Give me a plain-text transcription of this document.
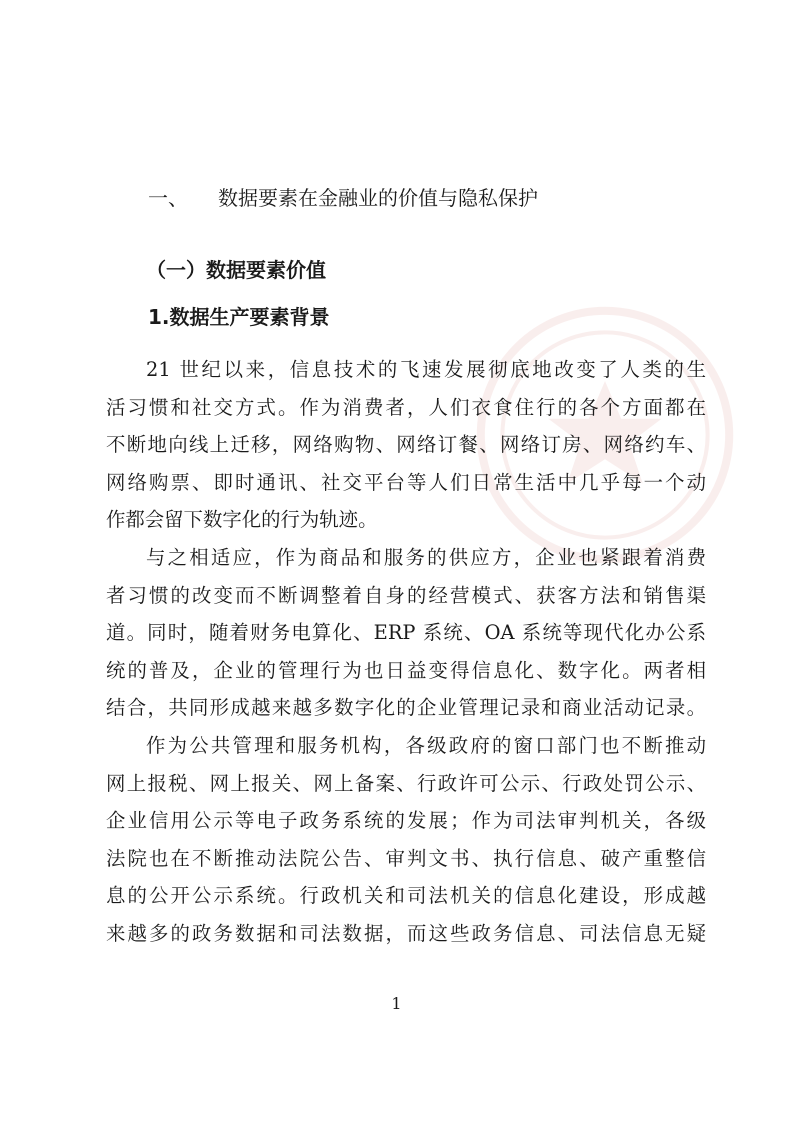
一、 数据要素在金融业的价值与隐私保护
（一）数据要素价值
1.数据生产要素背景
21 世纪以来，信息技术的飞速发展彻底地改变了人类的生
活习惯和社交方式。作为消费者，人们衣食住行的各个方面都在
不断地向线上迁移，网络购物、网络订餐、网络订房、网络约车、
网络购票、即时通讯、社交平台等人们日常生活中几乎每一个动
作都会留下数字化的行为轨迹。
与之相适应，作为商品和服务的供应方，企业也紧跟着消费
者习惯的改变而不断调整着自身的经营模式、获客方法和销售渠
道。同时，随着财务电算化、ERP 系统、OA 系统等现代化办公系
统的普及，企业的管理行为也日益变得信息化、数字化。两者相
结合，共同形成越来越多数字化的企业管理记录和商业活动记录。
作为公共管理和服务机构，各级政府的窗口部门也不断推动
网上报税、网上报关、网上备案、行政许可公示、行政处罚公示、
企业信用公示等电子政务系统的发展；作为司法审判机关，各级
法院也在不断推动法院公告、审判文书、执行信息、破产重整信
息的公开公示系统。行政机关和司法机关的信息化建设，形成越
来越多的政务数据和司法数据，而这些政务信息、司法信息无疑
1
